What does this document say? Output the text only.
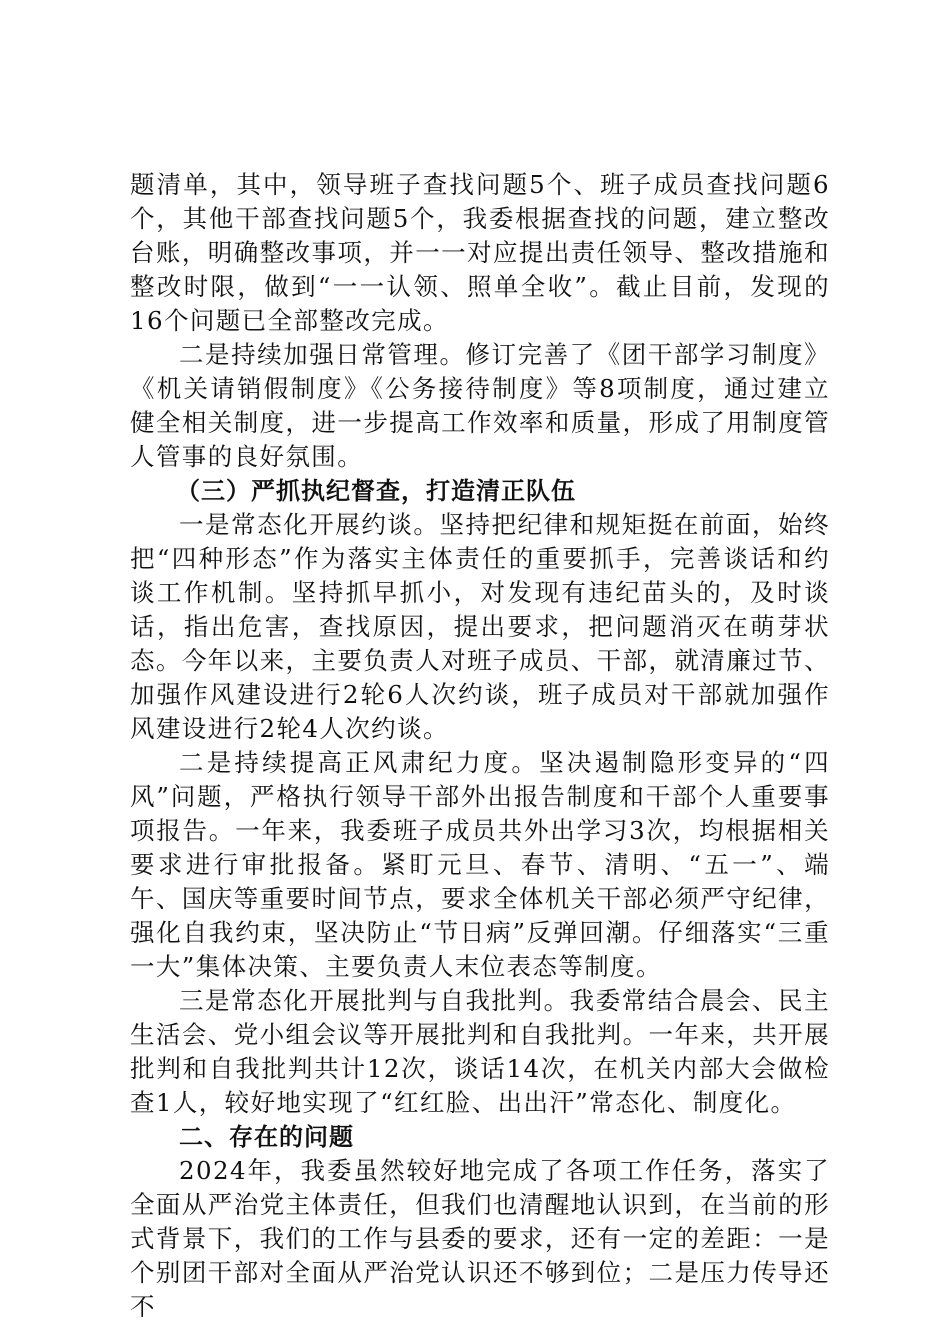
题清单，其中，领导班子查找问题5个、班子成员查找问题6个，其他干部查找问题5个，我委根据查找的问题，建立整改台账，明确整改事项，并一一对应提出责任领导、整改措施和整改时限，做到“一一认领、照单全收”。截止目前，发现的16个问题已全部整改完成。

二是持续加强日常管理。修订完善了《团干部学习制度》《机关请销假制度》《公务接待制度》等8项制度，通过建立健全相关制度，进一步提高工作效率和质量，形成了用制度管人管事的良好氛围。

（三）严抓执纪督查，打造清正队伍

一是常态化开展约谈。坚持把纪律和规矩挺在前面，始终把“四种形态”作为落实主体责任的重要抓手，完善谈话和约谈工作机制。坚持抓早抓小，对发现有违纪苗头的，及时谈话，指出危害，查找原因，提出要求，把问题消灭在萌芽状态。今年以来，主要负责人对班子成员、干部，就清廉过节、加强作风建设进行2轮6人次约谈，班子成员对干部就加强作风建设进行2轮4人次约谈。

二是持续提高正风肃纪力度。坚决遏制隐形变异的“四风”问题，严格执行领导干部外出报告制度和干部个人重要事项报告。一年来，我委班子成员共外出学习3次，均根据相关要求进行审批报备。紧盯元旦、春节、清明、“五一”、端午、国庆等重要时间节点，要求全体机关干部必须严守纪律，强化自我约束，坚决防止“节日病”反弹回潮。仔细落实“三重一大”集体决策、主要负责人末位表态等制度。

三是常态化开展批判与自我批判。我委常结合晨会、民主生活会、党小组会议等开展批判和自我批判。一年来，共开展批判和自我批判共计12次，谈话14次，在机关内部大会做检查1人，较好地实现了“红红脸、出出汗”常态化、制度化。

二、存在的问题

2024年，我委虽然较好地完成了各项工作任务，落实了全面从严治党主体责任，但我们也清醒地认识到，在当前的形式背景下，我们的工作与县委的要求，还有一定的差距：一是个别团干部对全面从严治党认识还不够到位；二是压力传导还不
